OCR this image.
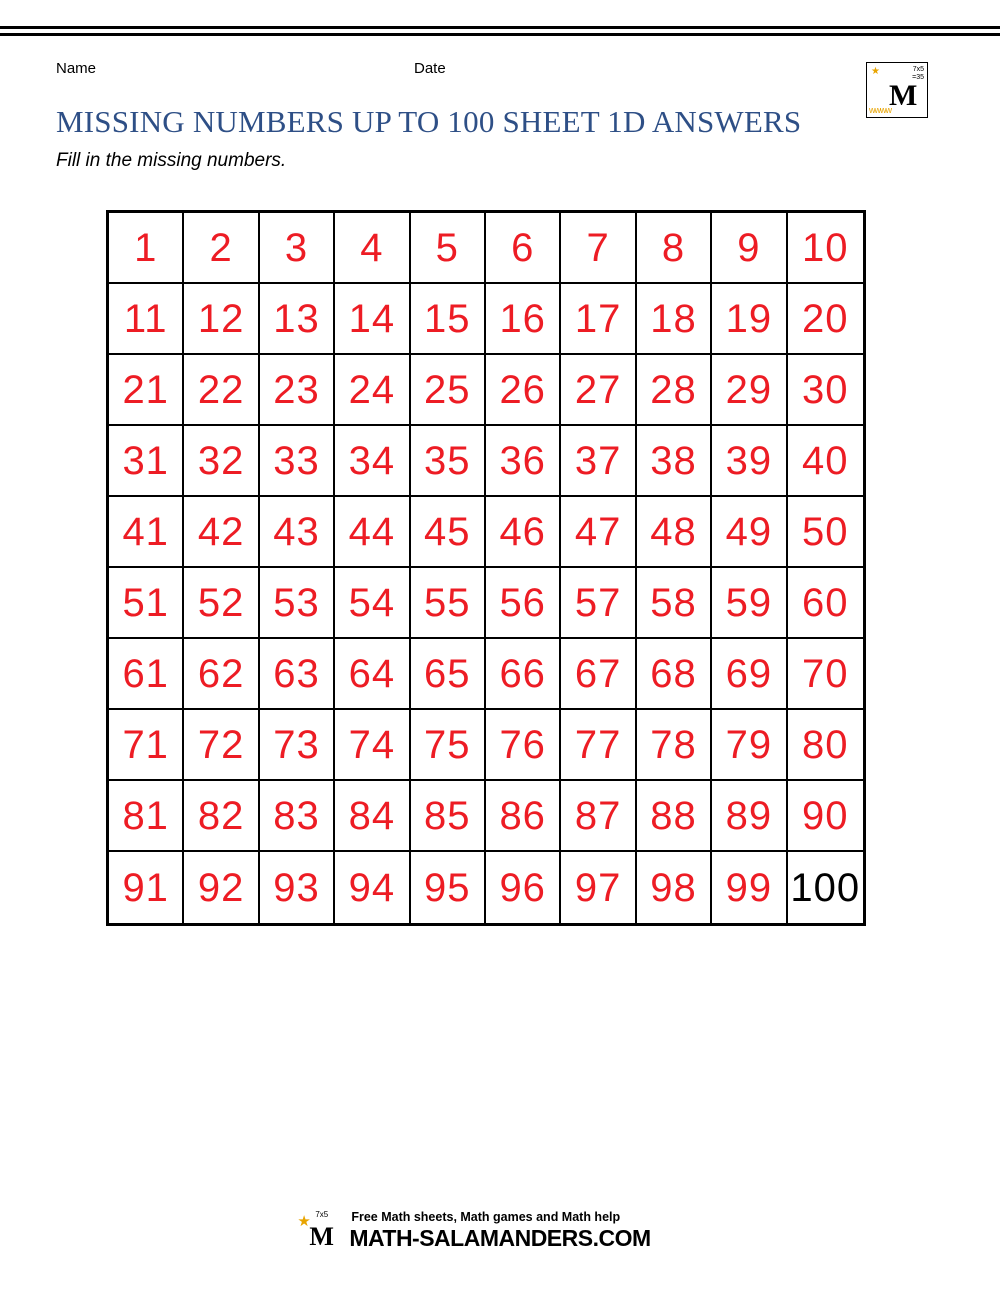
Name	Date
MISSING NUMBERS UP TO 100 SHEET 1D ANSWERS
Fill in the missing numbers.
★	7x5
=35
M
wwww
1	2	3	4	5	6	7	8	9	10
11 12 13 14 15 16 17 18 19 20
21 22 23 24 25 26 27 28 29 30
31 32 33 34 35 36 37 38 39 40
41 42 43 44 45 46 47 48 49 50
51 52 53 54 55 56 57 58 59 60
61 62 63 64 65 66 67 68 69 70
71 72 73 74 75 76 77 78 79 80
81 82 83 84 85 86 87 88 89 90
91 92 93 94 95 96 97 98 99 100
★ 7x5
M
Free Math sheets, Math games and Math help
MATH-SALAMANDERS.COM
